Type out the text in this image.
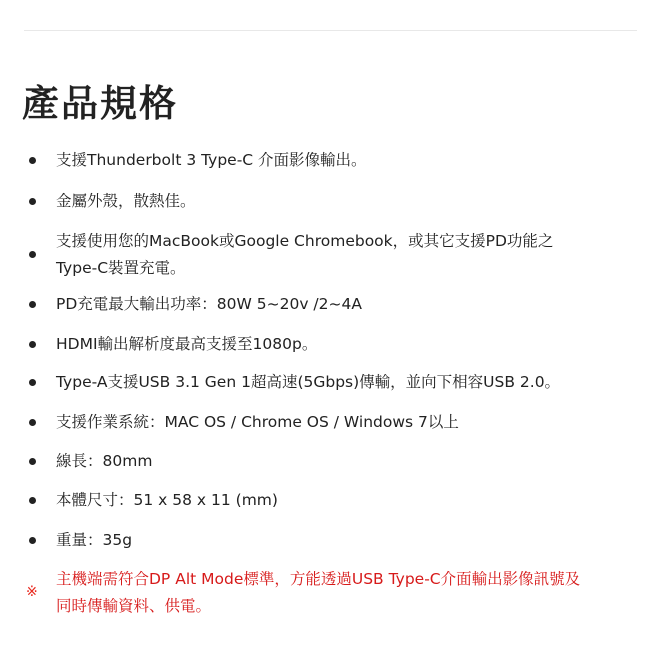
產品規格
支援Thunderbolt 3 Type-C 介面影像輸出。
金屬外殼，散熱佳。
支援使用您的MacBook或Google Chromebook，或其它支援PD功能之
Type-C裝置充電。
PD充電最大輸出功率：80W 5~20v /2~4A
HDMI輸出解析度最高支援至1080p。
Type-A支援USB 3.1 Gen 1超高速(5Gbps)傳輸，並向下相容USB 2.0。
支援作業系統：MAC OS / Chrome OS / Windows 7以上
線長：80mm
本體尺寸：51 x 58 x 11 (mm)
重量：35g
※
主機端需符合DP Alt Mode標準，方能透過USB Type-C介面輸出影像訊號及
同時傳輸資料、供電。
